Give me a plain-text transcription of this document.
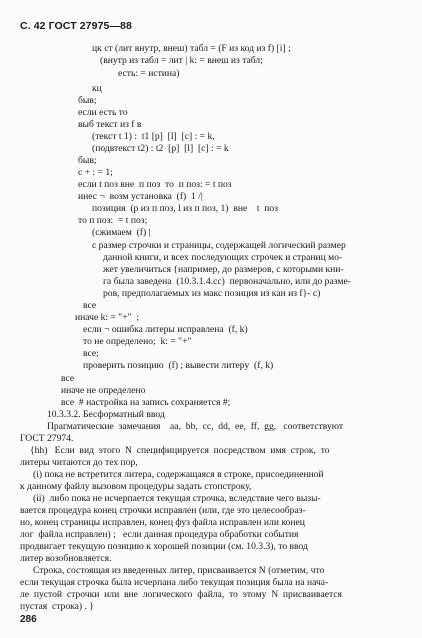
С. 42 ГОСТ 27975—88
цк ст (лит внутр, внеш) табл = (F из код из f) [i] ;
(внутр из табл = лит | k: = внеш из табл;
есть: = истина)
кц
быв;
если есть то
выб текст из f в
(текст t 1) :  t1 [p]  [l]  [c] : = k,
(подвтекст t2) : t2  [p]  [l]  [c] : = k
быв;
c + : = 1;
если t поз вне  п поз  то  п поз: = t поз
инес ¬  возм установка  (f)  1 /|
позиция  (p из п поз, l из п поз, 1)  вне    t  поз
то п поз:  = t поз;
(сжимаем  (f) |
с размер строчки и страницы, содержащей логический размер
данной книги, и всех последующих строчек и страниц мо-
жет увеличиться {например, до размеров, с которыми кни-
га была заведена  (10.3.1.4.cc)  первоначально, или до разме-
ров, предполагаемых из макс позиция из кан из f}- с)
все
иначе k: = "+"  ;
если ¬ ошибка литеры исправлена  (f, k)
то не определено;  k: = "+"
все;
проверить позицию  (f) ; вывести литеру  (f, k)
все
иначе не определено
все  # настройка на запись сохраняется #;
10.3.3.2. Бесформатный ввод
Прагматические  замечания    aa,  bb,  cc,  dd,  ee,  ff,  gg,   соответствуют
ГОСТ 27974.
{hh)   Если  вид  этого  N  специфицируется  посредством  имя  строк,  то
литеры читаются до тех пор,
(i) пока не встретится литера, содержащаяся в строке, присоединенной
к данному файлу вызовом процедуры задать стопстроку,
(ii)  либо пока не исчерпается текущая строчка, вследствие чего вызы-
вается процедура конец строчки исправлен (или, где это целесообраз-
но, конец страницы исправлен, конец фуз файла исправлен или конец
лог  файла исправлен) ;   если данная процедура обработки события
продвигает текущую позицию к хорошей позиции (см. 10.3.3), то ввод
литер возобновляется.
Строка, состоящая из введенных литер, присваивается N (отметим, что
если текущая строчка была исчерпана либо текущая позиция была на нача-
ле  пустой  строчки  или  вне  логического  файла,  то  этому  N  присваивается
пустая  строка) . }
286
